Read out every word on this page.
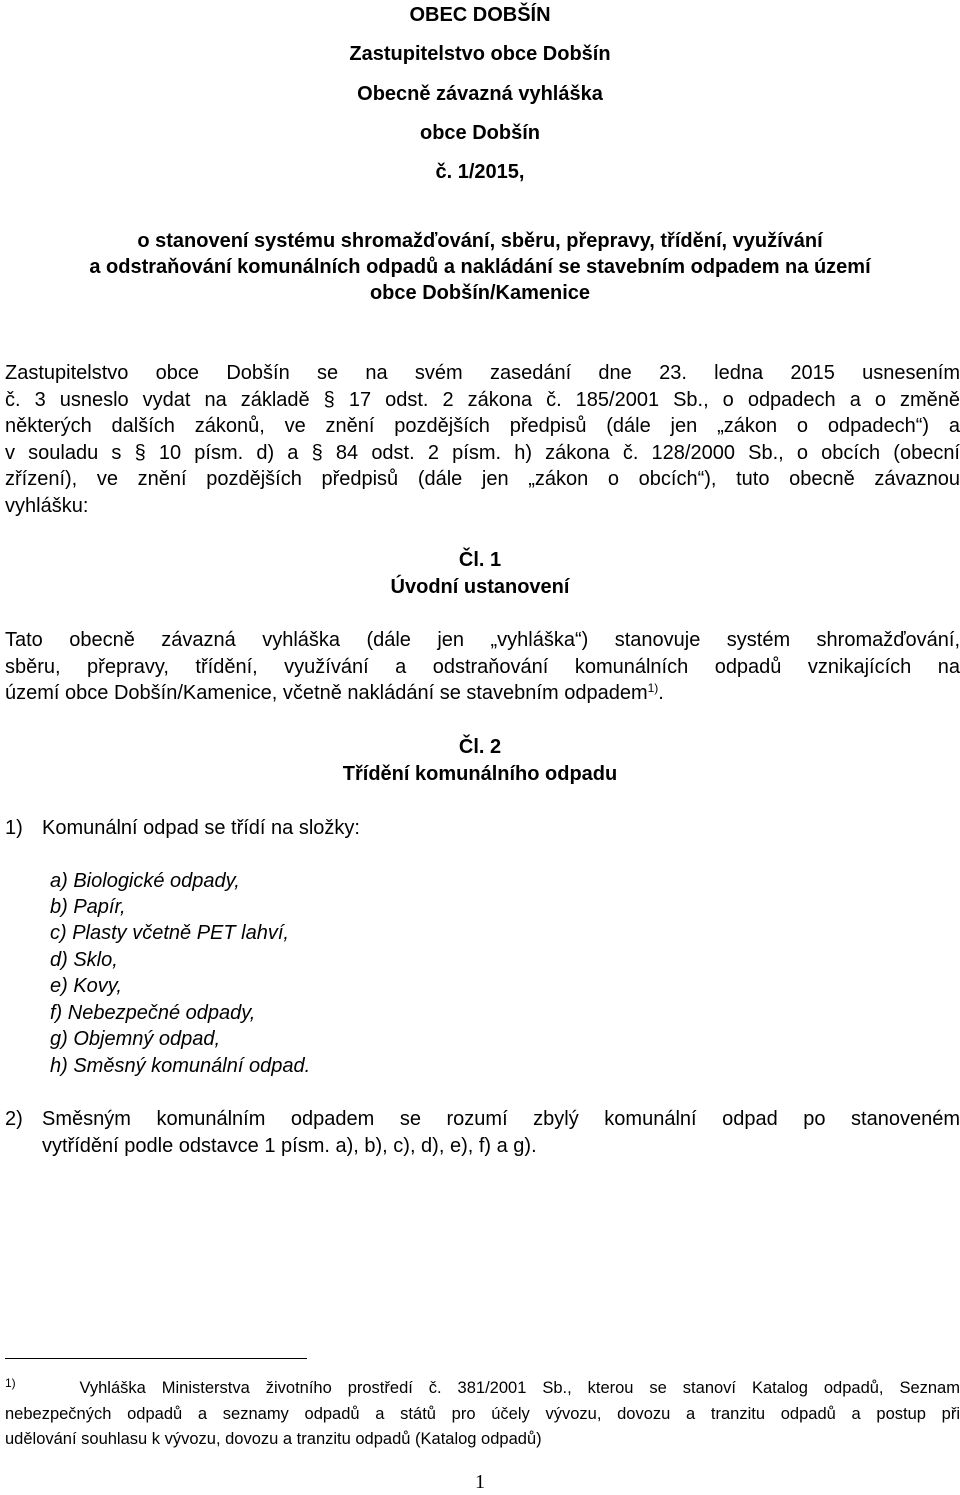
OBEC DOBŠÍN
Zastupitelstvo obce Dobšín
Obecně závazná vyhláška
obce Dobšín
č. 1/2015,
o stanovení systému shromažďování, sběru, přepravy, třídění, využívání
a odstraňování komunálních odpadů a nakládání se stavebním odpadem na území
obce Dobšín/Kamenice
Zastupitelstvo obce Dobšín se na svém zasedání dne 23. ledna 2015 usnesením
č. 3 usneslo vydat na základě § 17 odst. 2 zákona č. 185/2001 Sb., o odpadech a o změně
některých dalších zákonů, ve znění pozdějších předpisů (dále jen „zákon o odpadech“) a
v souladu s § 10 písm. d) a § 84 odst. 2 písm. h) zákona č. 128/2000 Sb., o obcích (obecní
zřízení), ve znění pozdějších předpisů (dále jen „zákon o obcích“), tuto obecně závaznou
vyhlášku:
Čl. 1
Úvodní ustanovení
Tato obecně závazná vyhláška (dále jen „vyhláška“) stanovuje systém shromažďování,
sběru, přepravy, třídění, využívání a odstraňování komunálních odpadů vznikajících na
území obce Dobšín/Kamenice, včetně nakládání se stavebním odpadem$^{1)}$.
Čl. 2
Třídění komunálního odpadu
1) Komunální odpad se třídí na složky:
a) Biologické odpady,
b) Papír,
c) Plasty včetně PET lahví,
d) Sklo,
e) Kovy,
f) Nebezpečné odpady,
g) Objemný odpad,
h) Směsný komunální odpad.
2) Směsným komunálním odpadem se rozumí zbylý komunální odpad po stanoveném
vytřídění podle odstavce 1 písm. a), b), c), d), e), f) a g).
$^{1)}$	Vyhláška Ministerstva životního prostředí č. 381/2001 Sb., kterou se stanoví Katalog odpadů, Seznam
nebezpečných odpadů a seznamy odpadů a států pro účely vývozu, dovozu a tranzitu odpadů a postup při
udělování souhlasu k vývozu, dovozu a tranzitu odpadů (Katalog odpadů)
1
